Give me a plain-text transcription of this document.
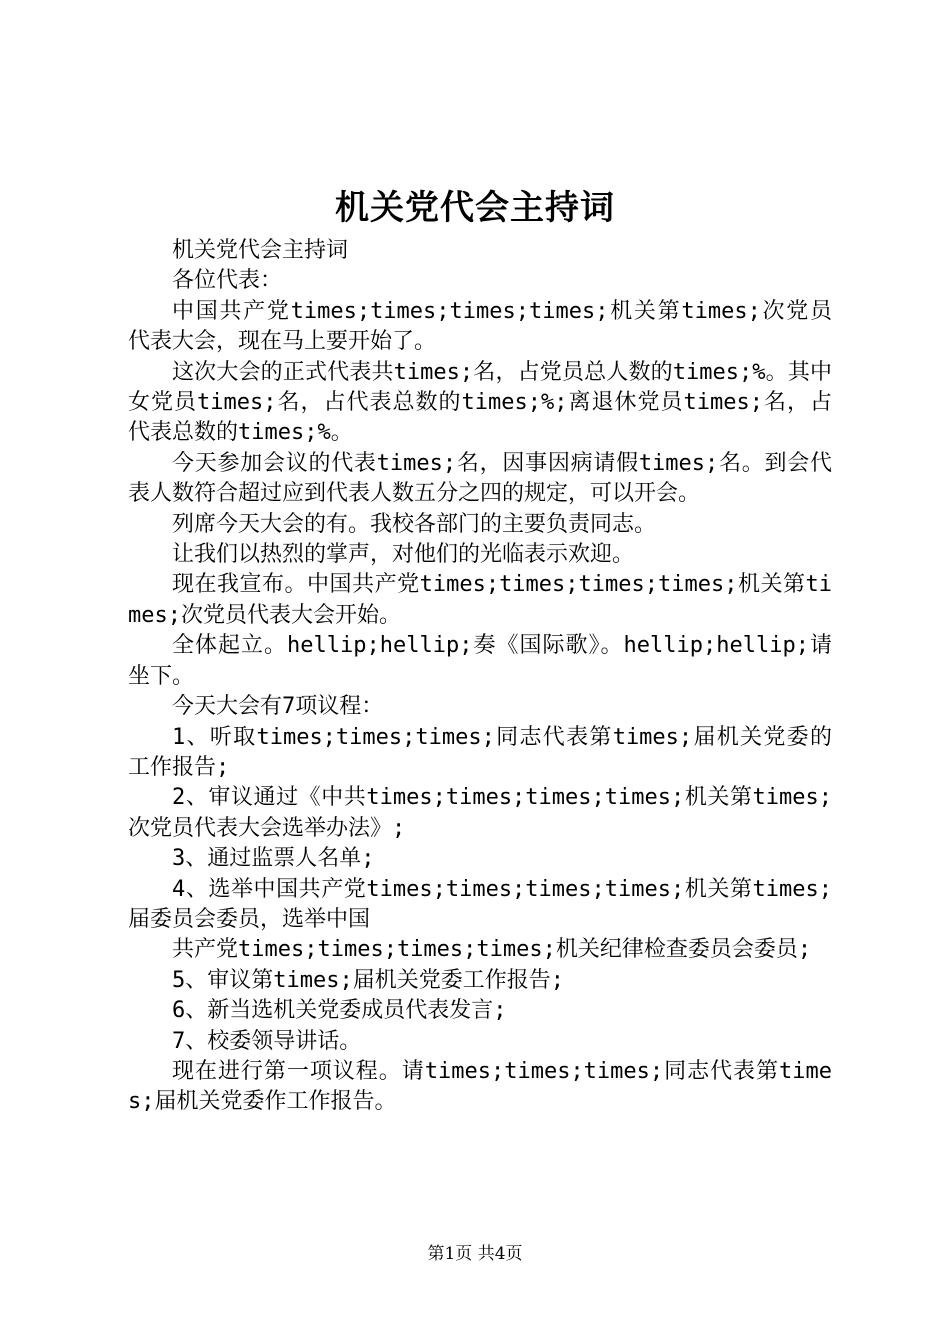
机关党代会主持词

机关党代会主持词

各位代表：

中国共产党times;times;times;times;机关第times;次党员代表大会，现在马上要开始了。

这次大会的正式代表共times;名，占党员总人数的times;%。其中女党员times;名，占代表总数的times;%;离退休党员times;名，占代表总数的times;%。

今天参加会议的代表times;名，因事因病请假times;名。到会代表人数符合超过应到代表人数五分之四的规定，可以开会。

列席今天大会的有。我校各部门的主要负责同志。

让我们以热烈的掌声，对他们的光临表示欢迎。

现在我宣布。中国共产党times;times;times;times;机关第times;次党员代表大会开始。

全体起立。hellip;hellip;奏《国际歌》。hellip;hellip;请坐下。

今天大会有7项议程：

1、听取times;times;times;同志代表第times;届机关党委的工作报告;

2、审议通过《中共times;times;times;times;机关第times;次党员代表大会选举办法》;

3、通过监票人名单;

4、选举中国共产党times;times;times;times;机关第times;届委员会委员，选举中国

共产党times;times;times;times;机关纪律检查委员会委员;

5、审议第times;届机关党委工作报告;

6、新当选机关党委成员代表发言;

7、校委领导讲话。

现在进行第一项议程。请times;times;times;同志代表第times;届机关党委作工作报告。

第1页 共4页
